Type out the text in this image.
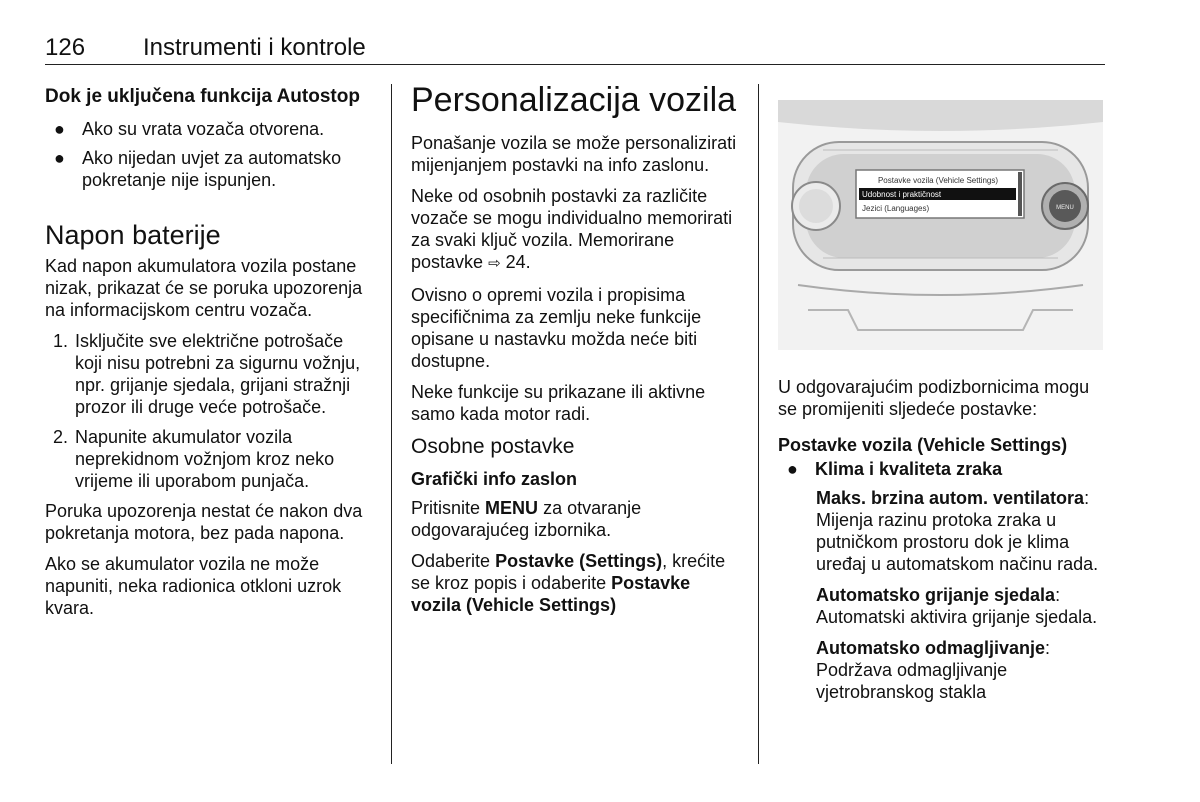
126 Instrumenti i kontrole
Dok je uključena funkcija Autostop
● Ako su vrata vozača otvorena.
● Ako nijedan uvjet za automatsko pokretanje nije ispunjen.
Napon baterije

Kad napon akumulatora vozila postane nizak, prikazat će se poruka upozorenja na informacijskom centru vozača.

1. Isključite sve električne potrošače koji nisu potrebni za sigurnu vožnju, npr. grijanje sjedala, grijani stražnji prozor ili druge veće potrošače.
2. Napunite akumulator vozila neprekidnom vožnjom kroz neko vrijeme ili uporabom punjača.

Poruka upozorenja nestat će nakon dva pokretanja motora, bez pada napona.

Ako se akumulator vozila ne može napuniti, neka radionica otkloni uzrok kvara.

Personalizacija vozila

Ponašanje vozila se može personalizirati mijenjanjem postavki na info zaslonu.

Neke od osobnih postavki za različite vozače se mogu individualno memorirati za svaki ključ vozila. Memorirane postavke ⇨ 24.

Ovisno o opremi vozila i propisima specifičnima za zemlju neke funkcije opisane u nastavku možda neće biti dostupne.

Neke funkcije su prikazane ili aktivne samo kada motor radi.

Osobne postavke
Grafički info zaslon

Pritisnite MENU za otvaranje odgovarajućeg izbornika.

Odaberite Postavke (Settings), krećite se kroz popis i odaberite Postavke vozila (Vehicle Settings)

MENU
Postavke vozila (Vehicle Settings)
Udobnost i praktičnost
Jezici (Languages)

U odgovarajućim podizbornicima mogu se promijeniti sljedeće postavke:

Postavke vozila (Vehicle Settings)
● Klima i kvaliteta zraka

Maks. brzina autom. ventilatora: Mijenja razinu protoka zraka u putničkom prostoru dok je klima uređaj u automatskom načinu rada.

Automatsko grijanje sjedala: Automatski aktivira grijanje sjedala.

Automatsko odmagljivanje: Podržava odmagljivanje vjetrobranskog stakla
